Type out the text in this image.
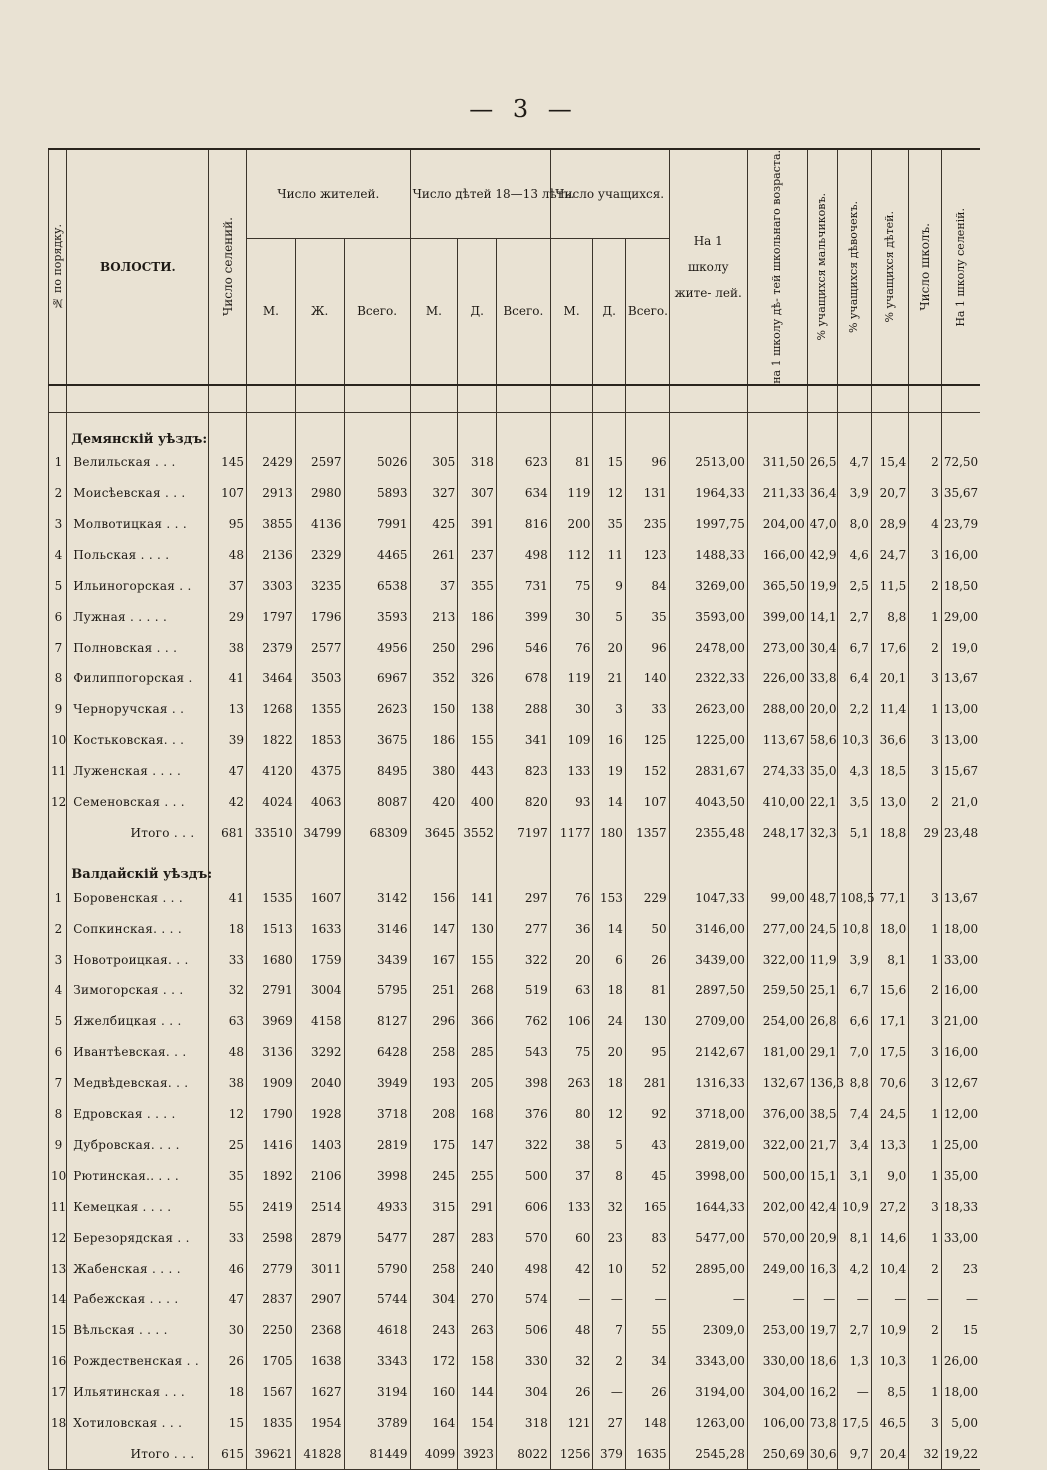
— 3 —
№ по порядку.	ВОЛОСТИ.	Число селений.	Число жителей.			Число дѣтей 18—13 лѣтъ.			Число учащихся.			На 1 школу жите- лей.	на 1 школу дѣ- тей школьнаго возраста.	% учащихся мальчиковъ.	% учащихся дѣвочекъ.	% учащихся дѣтей.	Число школъ.	На 1 школу селеній.

			М.	Ж.	Всего.	М.	Д.	Всего.	М.	Д.	Всего.							

	Демянскій уѣздъ:																	
1	Велильская . . .	145	2429	2597	5026	305	318	623	81	15	96	2513,00	311,50	26,5	4,7	15,4	2	72,50
2	Моисѣевская . . .	107	2913	2980	5893	327	307	634	119	12	131	1964,33	211,33	36,4	3,9	20,7	3	35,67
3	Молвотицкая . . .	95	3855	4136	7991	425	391	816	200	35	235	1997,75	204,00	47,0	8,0	28,9	4	23,79
4	Польская . . . .	48	2136	2329	4465	261	237	498	112	11	123	1488,33	166,00	42,9	4,6	24,7	3	16,00
5	Ильиногорская . .	37	3303	3235	6538	37	355	731	75	9	84	3269,00	365,50	19,9	2,5	11,5	2	18,50
6	Лужная . . . . .	29	1797	1796	3593	213	186	399	30	5	35	3593,00	399,00	14,1	2,7	8,8	1	29,00
7	Полновская . . .	38	2379	2577	4956	250	296	546	76	20	96	2478,00	273,00	30,4	6,7	17,6	2	19,0
8	Филиппогорская .	41	3464	3503	6967	352	326	678	119	21	140	2322,33	226,00	33,8	6,4	20,1	3	13,67
9	Черноручская . .	13	1268	1355	2623	150	138	288	30	3	33	2623,00	288,00	20,0	2,2	11,4	1	13,00
10	Костьковская. . .	39	1822	1853	3675	186	155	341	109	16	125	1225,00	113,67	58,6	10,3	36,6	3	13,00
11	Луженская . . . .	47	4120	4375	8495	380	443	823	133	19	152	2831,67	274,33	35,0	4,3	18,5	3	15,67
12	Семеновская . . .	42	4024	4063	8087	420	400	820	93	14	107	4043,50	410,00	22,1	3,5	13,0	2	21,0
	Итого . . .	681	33510	34799	68309	3645	3552	7197	1177	180	1357	2355,48	248,17	32,3	5,1	18,8	29	23,48
	Валдайскій уѣздъ:																	
1	Боровенская . . .	41	1535	1607	3142	156	141	297	76	153	229	1047,33	99,00	48,7	108,5	77,1	3	13,67
2	Сопкинская. . . .	18	1513	1633	3146	147	130	277	36	14	50	3146,00	277,00	24,5	10,8	18,0	1	18,00
3	Новотроицкая. . .	33	1680	1759	3439	167	155	322	20	6	26	3439,00	322,00	11,9	3,9	8,1	1	33,00
4	Зимогорская . . .	32	2791	3004	5795	251	268	519	63	18	81	2897,50	259,50	25,1	6,7	15,6	2	16,00
5	Яжелбицкая . . .	63	3969	4158	8127	296	366	762	106	24	130	2709,00	254,00	26,8	6,6	17,1	3	21,00
6	Ивантѣевская. . .	48	3136	3292	6428	258	285	543	75	20	95	2142,67	181,00	29,1	7,0	17,5	3	16,00
7	Медвѣдевская. . .	38	1909	2040	3949	193	205	398	263	18	281	1316,33	132,67	136,3	8,8	70,6	3	12,67
8	Едровская . . . .	12	1790	1928	3718	208	168	376	80	12	92	3718,00	376,00	38,5	7,4	24,5	1	12,00
9	Дубровская. . . .	25	1416	1403	2819	175	147	322	38	5	43	2819,00	322,00	21,7	3,4	13,3	1	25,00
10	Рютинская.. . . .	35	1892	2106	3998	245	255	500	37	8	45	3998,00	500,00	15,1	3,1	9,0	1	35,00
11	Кемецкая . . . .	55	2419	2514	4933	315	291	606	133	32	165	1644,33	202,00	42,4	10,9	27,2	3	18,33
12	Березорядская . .	33	2598	2879	5477	287	283	570	60	23	83	5477,00	570,00	20,9	8,1	14,6	1	33,00
13	Жабенская . . . .	46	2779	3011	5790	258	240	498	42	10	52	2895,00	249,00	16,3	4,2	10,4	2	23
14	Рабежская . . . .	47	2837	2907	5744	304	270	574	—	—	—	—	—	—	—	—	—	—
15	Вѣльская . . . .	30	2250	2368	4618	243	263	506	48	7	55	2309,0	253,00	19,7	2,7	10,9	2	15
16	Рождественская . .	26	1705	1638	3343	172	158	330	32	2	34	3343,00	330,00	18,6	1,3	10,3	1	26,00
17	Ильятинская . . .	18	1567	1627	3194	160	144	304	26	—	26	3194,00	304,00	16,2	—	8,5	1	18,00
18	Хотиловская . . .	15	1835	1954	3789	164	154	318	121	27	148	1263,00	106,00	73,8	17,5	46,5	3	5,00
	Итого . . .	615	39621	41828	81449	4099	3923	8022	1256	379	1635	2545,28	250,69	30,6	9,7	20,4	32	19,22
